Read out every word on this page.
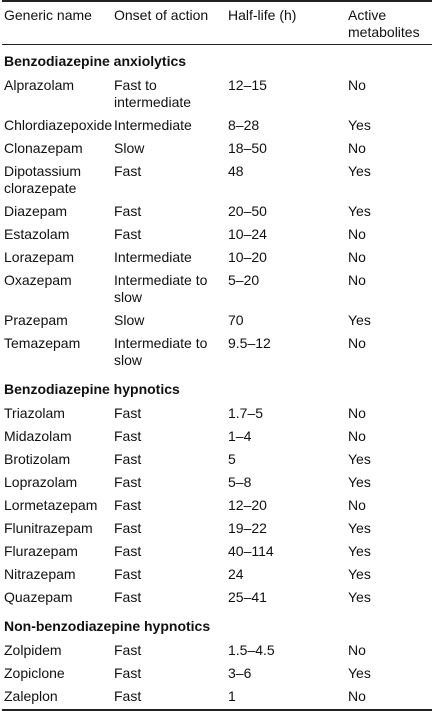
Generic name	Onset of action	Half-life (h)	Active metabolites
Benzodiazepine anxiolytics			
Alprazolam	Fast to intermediate	12–15	No
Chlordiazepoxide	Intermediate	8–28	Yes
Clonazepam	Slow	18–50	No
Dipotassium clorazepate	Fast	48	Yes
Diazepam	Fast	20–50	Yes
Estazolam	Fast	10–24	No
Lorazepam	Intermediate	10–20	No
Oxazepam	Intermediate to slow	5–20	No
Prazepam	Slow	70	Yes
Temazepam	Intermediate to slow	9.5–12	No
Benzodiazepine hypnotics			
Triazolam	Fast	1.7–5	No
Midazolam	Fast	1–4	No
Brotizolam	Fast	5	Yes
Loprazolam	Fast	5–8	Yes
Lormetazepam	Fast	12–20	No
Flunitrazepam	Fast	19–22	Yes
Flurazepam	Fast	40–114	Yes
Nitrazepam	Fast	24	Yes
Quazepam	Fast	25–41	Yes
Non-benzodiazepine hypnotics			
Zolpidem	Fast	1.5–4.5	No
Zopiclone	Fast	3–6	Yes
Zaleplon	Fast	1	No
